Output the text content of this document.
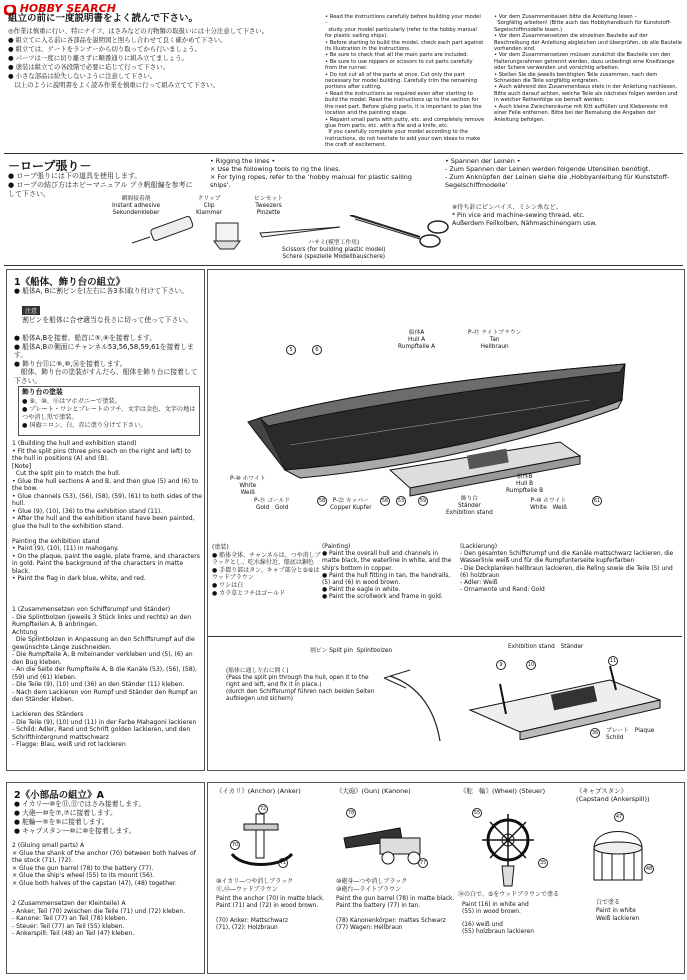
● HOBBY SEARCH
組立の前に一度説明書をよく読んで下さい。
◎作業は慎重に行い、特にナイフ、はさみなどの刃物類の取扱いには十分注意して下さい。
● 組立てに入る前に各部品を説明図と照らし合わせて良く確かめて下さい。
● 組立ては、ゲートをランナーから切り取ってから行いましょう。
● パーツは一度に切り離さずに順番通りに組み立てましょう。
● 塗装は組立ての各段階で必要に応じて行って下さい。
● 小さな部品は紛失しないように注意して下さい。
　以上のように説明書をよく読み作業を慎重に行って組み立てて下さい。
• Read the instructions carefully before building your model –
study your model particularly (refer to the hobby manual for plastic sailing ships).
• Before starting to build the model, check each part against its illustration in the instructions.
• Be sure to check that all the main parts are included.
• Be sure to use nippers or scissors to cut parts carefully from the runner.
• Do not cut all of the parts at once. Cut only the part necessary for model building. Carefully trim the remaining portions after cutting.
• Read the instructions as required even after starting to build the model. Read the instructions up to the section for the next part. Before gluing parts, it is important to plan the location and the painting stage.
• Repaint small parts with putty, etc. and completely remove glue from parts, etc. with a file and a knife, etc.
If you carefully complete your model according to the instructions, do not hesitate to add your own ideas to make the craft of excitement.
• Vor dem Zusammenbauen bitte die Anleitung lesen –
Sorgfältig arbeiten! (Bitte auch das Hobbyhandbuch für Kunststoff-Segelschiffmodelle lesen.)
• Vor dem Zusammensetzen die einzelnen Bauteile auf der Beschreibung der Anleitung abgleichen und überprüfen, ob alle Bauteile vorhanden sind.
• Vor dem Zusammensetzen müssen zunächst die Bauteile von den Halterungsrahmen getrennt werden, dazu unbedingt eine Kneifzange oder Schere verwenden und vorsichtig arbeiten.
• Stellen Sie die jeweils benötigten Teile zusammen, nach dem Schneiden die Teile sorgfältig entgraten.
• Auch während des Zusammenbaus stets in der Anleitung nachlesen. Bitte auch darauf achten, welche Teile als nächstes folgen werden und in welcher Reihenfolge sie bemalt werden.
• Auch kleine Zwischenräume mit Kitt auffüllen und Klebereste mit einer Feile entfernen. Bitte bei der Bemalung die Angaben der Anleitung befolgen.
－ロープ張り－
● ロープ張りには下の道具を使用します。
● ロープの結び方はホビーマニュアル プラ帆船編を参考にして下さい。
• Rigging the lines •
× Use the following tools to rig the lines.
× For tying ropes, refer to the ‘hobby manual for plastic sailing ships’.
• Spannen der Leinen •
- Zum Spannen der Leinen werden folgende Utensilien benötigt.
- Zum Anknüpfen der Leinen siehe die ‚Hobbyanleitung für Kunststoff-Segelschiffmodelle‘
瞬間接着剤
Instant adhesive
Sekundenkleber
クリップ
Clip
Klammer
ピンセット
Tweezers
Pinzette
ハサミ(模型工作用)
Scissors (for building plastic model)
Schere (spezielle Modellbauschere)
※待ち針にピンバイス、ミシン糸など。
* Pin vice and machine-sewing thread, etc.
Außerdem Feilkolben, Nähmaschinengarn usw.
1《船体、飾り台の組立》
● 船体A, Bに割ピンを(左右に各3本)取り付けて下さい。
注意
割ピンを船体に合せ適当な長さに切って使って下さい。
● 船体A,Bを接着、船首に⑤,⑥を接着します。
● 船体A,Bの側面にチャンネル53,56,58,59,61を接着します。
● 飾り台⑪に⑨,⑩,㊱を接着します。
　船体、飾り台の塗装がすんだら、船体を飾り台に接着して下さい。
飾り台の塗装
● ⑨、⑩、⑪はマホガニーで塗装。
● プレート・ワシとプレートのフチ、文字は金色、文字の地はつや消し黒で塗装。
● 国旗＝ロン、白、赤に塗り分けて下さい。
1 (Building the hull and exhibition stand)
• Fit the split pins (three pins each on the right and left) to the hull in positions (A) and (B).
[Note]
Cut the split pin to match the hull.
• Glue the hull sections A and B, and then glue (5) and (6) to the bow.
• Glue channels (53), (56), (58), (59), (61) to both sides of the hull.
• Glue (9), (10), (36) to the exhibition stand (11).
• After the hull and the exhibition stand have been painted, glue the hull to the exhibition stand.

Painting the exhibition stand
• Paint (9), (10), (11) in mahogany.
• On the plaque, paint the eagle, plate frame, and characters in gold. Paint the background of the characters in matte black.
• Paint the flag in dark blue, white, and red.
1 (Zusammensetzen von Schiffsrumpf und Ständer)
- Die Splintbolzen (jeweils 3 Stück links und rechts) an den Rumpfteilen A, B anbringen.
Achtung
Die Splintbolzen in Anpassung an den Schiffsrumpf auf die gewünschte Länge zuschneiden.
- Die Rumpfteile A, B miteinander verkleben und (5), (6) an den Bug kleben.
- An die Seite der Rumpfteile A, B die Kanäle (53), (56), (58), (59) und (61) kleben.
- Die Teile (9), (10) und (36) an den Ständer (11) kleben.
- Nach dem Lackieren von Rumpf und Ständer den Rumpf an den Ständer kleben.

Lackieren des Ständers
- Die Teile (9), (10) und (11) in der Farbe Mahagoni lackieren
- Schild: Adler, Rand und Schrift golden lackieren, und den Schrifthintergrund mattschwarz
- Flagge: Blau, weiß und rot lackieren
船体A
Hull A
Rumpfteile A
P-㊼ ライトブラウン
Tan
Hellbraun
船体B
Hull B
Rumpfteile B
P-⑩ ホワイト
White
Weiß
P-⑮ ゴールド
Gold　Gold
P-㉒ カッパー
Copper Kupfer
P-⑩ ホワイト
White　Weiß
飾り台
Ständer
Exhibition stand
5	6
58	56	53	59	61
(塗装)
● 船体全体、チャンネルは、つや消しブラックとし、吃水線付近、船底は銅色
● 手摺り部はタン、キャプ部分と⑤⑥はウッドブラウン
● ワシは白
● カラ草とフチはゴールド
(Painting)
● Paint the overall hull and channels in matte black, the waterline in white, and the ship's bottom in copper.
● Paint the hull fitting in tan, the handrails, (5) and (6) in wood brown.
● Paint the eagle in white.
● Paint the scrollwork and frame in gold.
(Lackierung)
- Den gesamten Schiffsrumpf und die Kanäle mattschwarz lackieren, die Wasserlinie weiß und für die Rumpfunterseite kupferfarben
- Die Deckplanken hellbraun lackieren, die Reling sowie die Teile (5) und (6) holzbraun
- Adler: Weiß
- Ornamente und Rand: Gold
割ピン Split pin  Splintbolzen
(船体に通し左右に開く)
(Pass the split pin through the hull, open it to the right and left, and fix it in place.)
(durch den Schiffsrumpf führen nach beiden Seiten aufbiegen und sichern)
Exhibition stand　Ständer
9	10
11
36	プレート　Plaque
Schild
2《小部品の組立》A
● イカリ―⑩を⑪,⑫ではさみ接着します。
● 大砲―⑩を⑦,⑦に接着します。
● 舵輪―⑤を⑤に接着します。
● キャプスタン―⑩に⑩を接着します。
2 (Gluing small parts) A
× Glue the shank of the anchor (70) between both halves of the stock (71), (72).
× Glue the gun barrel (78) to the battery (77).
× Glue the ship's wheel (55) to its mount (56).
× Glue both halves of the capstan (47), (48) together.
2 (Zusammensetzen der Kleinteile) A
- Anker: Teil (70) zwischen die Teile (71) und (72) kleben.
- Kanone: Teil (77) an Teil (78) kleben.
- Steuer: Teil (77) an Teil (55) kleben.
- Ankerspill: Teil (48) an Teil (47) kleben.
《イカリ》(Anchor) (Anker)
72
70
71
⑩イカリ―つや消しブラック
⑪,⑫―ウッドブラウン
Paint the anchor (70) in matte black.
Paint (71) and (72) in wood brown.
(70) Anker: Mattschwarz
(71), (72): Holzbraun
《大砲》(Gun) (Kanone)
78
77
⑩砲身―つや消しブラック
⑩砲台―ライトブラウン
Paint the gun barrel (78) in matte black.
Paint the battery (77) in tan.
(78) Kanonenkörper: mattes Schwarz
(77) Wagen: Hellbraun
《舵　輪》(Wheel) (Steuer)
55
35
⑯の白で、⑤をウッドブラウンで塗る
Paint (16) in white and
(55) in wood brown.
(16) weiß und
(55) holzbraun lackieren
《キャプスタン》
(Capstand (Ankerspill))
47
48
白で塗る
Paint in white
Weiß lackieren
